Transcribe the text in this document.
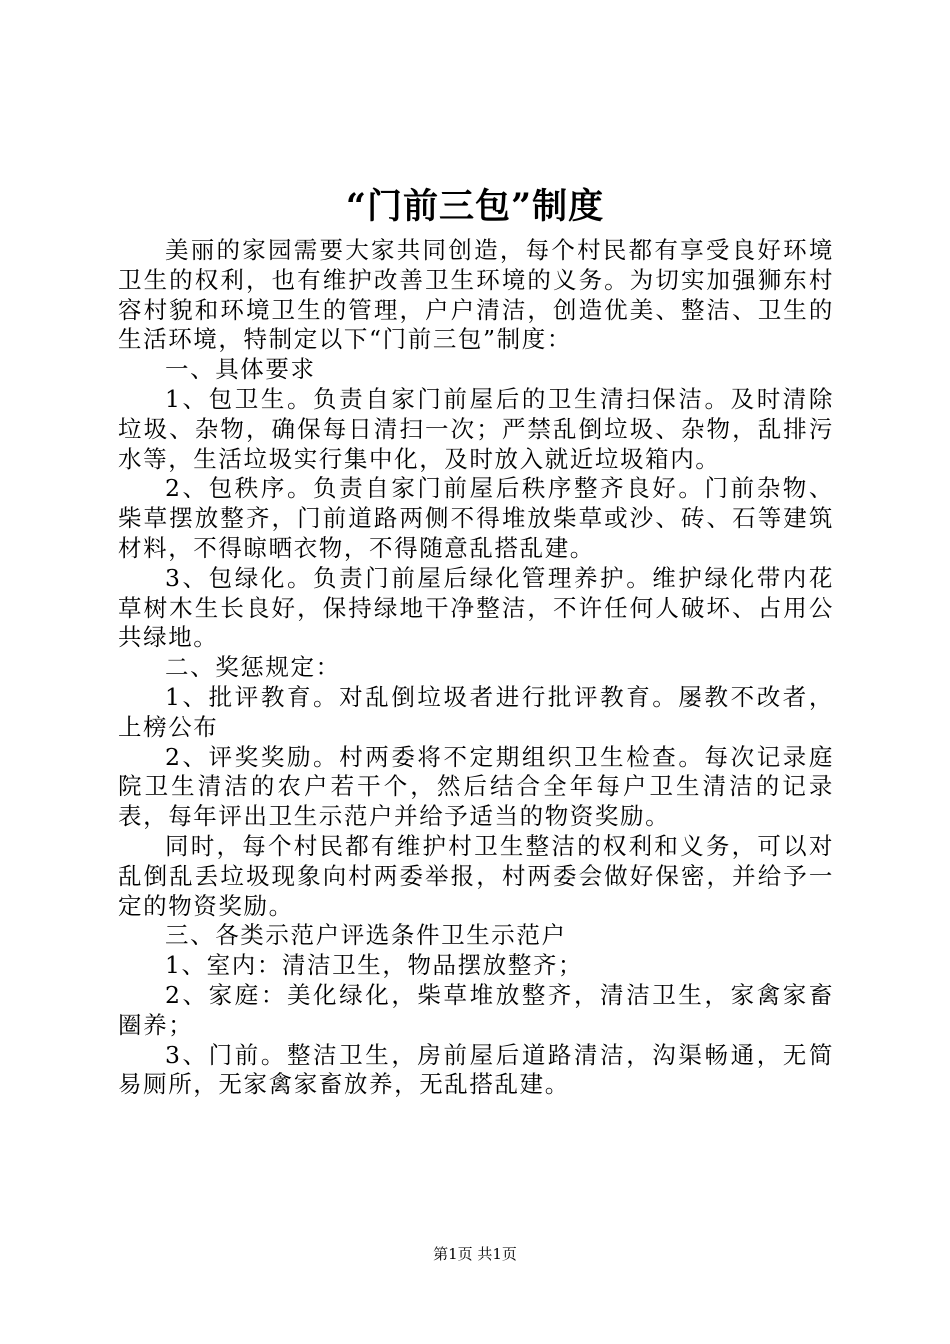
“门前三包”制度

美丽的家园需要大家共同创造，每个村民都有享受良好环境卫生的权利，也有维护改善卫生环境的义务。为切实加强狮东村容村貌和环境卫生的管理，户户清洁，创造优美、整洁、卫生的生活环境，特制定以下“门前三包”制度：

一、具体要求

1、包卫生。负责自家门前屋后的卫生清扫保洁。及时清除垃圾、杂物，确保每日清扫一次；严禁乱倒垃圾、杂物，乱排污水等，生活垃圾实行集中化，及时放入就近垃圾箱内。

2、包秩序。负责自家门前屋后秩序整齐良好。门前杂物、柴草摆放整齐，门前道路两侧不得堆放柴草或沙、砖、石等建筑材料，不得晾晒衣物，不得随意乱搭乱建。

3、包绿化。负责门前屋后绿化管理养护。维护绿化带内花草树木生长良好，保持绿地干净整洁，不许任何人破坏、占用公共绿地。

二、奖惩规定：

1、批评教育。对乱倒垃圾者进行批评教育。屡教不改者，上榜公布

2、评奖奖励。村两委将不定期组织卫生检查。每次记录庭院卫生清洁的农户若干个，然后结合全年每户卫生清洁的记录表，每年评出卫生示范户并给予适当的物资奖励。

同时，每个村民都有维护村卫生整洁的权利和义务，可以对乱倒乱丢垃圾现象向村两委举报，村两委会做好保密，并给予一定的物资奖励。

三、各类示范户评选条件卫生示范户

1、室内：清洁卫生，物品摆放整齐；

2、家庭：美化绿化，柴草堆放整齐，清洁卫生，家禽家畜圈养；

3、门前。整洁卫生，房前屋后道路清洁，沟渠畅通，无简易厕所，无家禽家畜放养，无乱搭乱建。

第1页 共1页
